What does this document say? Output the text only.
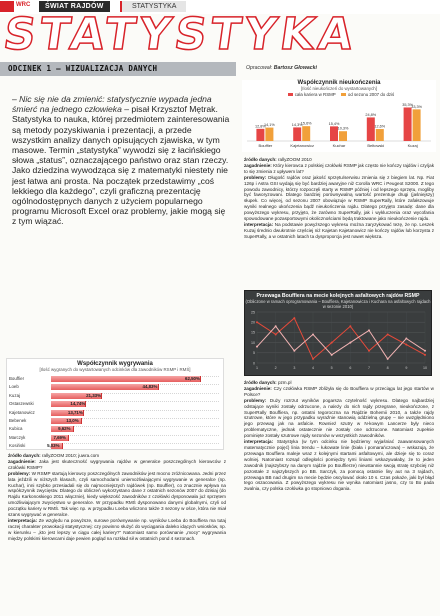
WRC	ŚWIAT RAJDÓW	STATYSTYKA
STATYSTYKA
ODCINEK 1 – WIZUALIZACJA DANYCH	Opracował: Bartosz Głowacki
– Nic się nie da zmienić: statystycznie wypada jedna śmierć na jednego człowieka – pisał Krzysztof Mętrak. Statystyka to nauka, której przedmiotem zainteresowania są metody pozyskiwania i prezentacji, a przede wszystkim analizy danych opisujących zjawiska, w tym masowe. Termin „statystyka” wywodzi się z łacińskiego słowa „status”, oznaczającego państwo oraz stan rzeczy. Jako dziedzina wywodząca się z matematyki niestety nie jest łatwa ani prosta. Na początek przedstawimy „coś lekkiego dla każdego”, czyli graficzną prezentację ogólnodostępnych danych z użyciem popularnego programu Microsoft Excel oraz problemy, jakie mogą się z tym wiązać.
Współczynnik nieukończenia
[Ilość nieukończeń do wystartowanych]
cała kariera w RSMP	od sezonu 2007 do dziś
12,8%
14,1%
Bouffier
14,3%
15,6%
Kajetanowicz
15,4%
10,3%
Kuchar
24,8%
12,6%
Bełtowski
35,3%
33,3%
Kuzaj
źródło danych: rallyZOOM 2010
zagadnienie: Który kierowca z polskiej czołówki RSMP jak często nie kończy rajdów i czy/jak to się zmienia z upływem lat?
problemy: Długość rajdów oraz jakość sprzętu/serwisu zmienia się z biegiem lat. Np. Fiat 126p i Astra GSI wydają się być bardziej awaryjne niż Corolla WRC i Peugeot S2000. Z tego powodu zawodnicy, którzy rozpoczęli starty w RSMP później i od lepszego sprzętu, mogliby być faworyzowani. Dlatego bardziej porównywalną wartość prezentuje drugi (jaśniejszy) słupek. Co więcej, od sezonu 2007 obowiązuje w RSMP SuperRally, które zafałszowuje wyniki realnego ukończenia bądź nieukończenia rajdu. Dlatego przyjęto zasadę: dane dla powyższego wykresu, przyjęto, że zarówno SuperRally, jak i wykluczenia oraz wycofania spowodowane pozasportowymi okolicznościami będą traktowane jako nieukończenie rajdu.
interpretacja: Na podstawie powyższego wykresu można zaryzykować tezę, że np. Leszek Kuzaj średnio dwukrotnie częściej niż Kajetan Kajetanowicz nie kończy rajdów lub korzysta z SuperRally, a w ostatnich latach ta dysproporcja jest nawet większa.
Przewaga Bouffiera na mecie kolejnych asfaltowych rajdów RSMP
(Obliczone w ramach oprogramowania – Bouffiera, Kajetanowicza i Kuchara na asfaltowych rajdach w sezonie 2010)
25
20
15
10
5
0
1	2	3	4	5	6	7	8	9	10
Współczynnik wygrywania
[Ilość wygranych do wystartowanych odcinków dla zawodników RSMP i RMŚ]
Bouffier	62,50%
Loeb	44,83%
Kuzaj	21,33%
Ostaszewski	14,74%
Kajetanowicz	13,71%
Bebenek	13,0%
Kubica	9,62%
Marczyk	7,69%
Kosiński	5,03%
źródło danych: rallyZOOM 2010; juwra.com
zagadnienie: Jaka jest skuteczność wygrywania rajdów w generalce poszczególnych kierowców z czołówki RSMP?
problemy: W RSMP startują kierowcy poszczególnych zawodników jest mocno zróżnicowana. Jedni przez lata jeździli w niższych klasach, czyli samochodami uniemożliwiającymi wygrywanie w generalce (np. Kuchar), inni szybko przesiadali się do najmocniejszych rajdówek (np. Bouffier), co znacznie wpływa na współczynnik zwycięstw. Dlatego do obliczeń wykorzystano dane z ostatnich sezonów 2007 do dzisiaj (do Rajdu Karkonoskiego 2011 włącznie), kiedy większość zawodników z czołówki dysponowała już sprzętem umożliwiającym zwycięstwo w generalce. W przypadku RMŚ dysponowano danymi globalnymi, czyli od początku kariery w RMŚ. Tak więc np. w przypadku Loeba wliczono także 3 sezony w ośce, która nie miał szans wygrywać w generalce.
interpretacja: Ze względu na powyższe, surowe porównywanie np. wyników Loeba do Bouffiera ma tutaj raczej charakter prowokacji statystycznej: czy powinno służyć do wyciągania daleko idących wniosków, np. w kierunku – „kto jest lepszy w ciągu całej kariery?” Natomiast samo porównanie „mocy” wygrywania między polskimi kierowcami daje pewien pogląd na rozkład sił w ostatnich pond 4 sezonach.
źródło danych: pzm.pl
zagadnienie: Czy czołówka RSMP zbliżyła się do Bouffiera w przeciągu lat jego startów w Polsce?
problemy: Duży rozrzut wyników pogarsza czytelność wykresu. Dlatego najbardziej odstające wyniki zostały odrzucone, a należy do nich rajdy przegrane, nieukończone, z SuperRally Bouffiera, np. ostatni tegoroczna na Rajdzie Bohemii 2010, a także rajdy szutrowe, które w jego przypadku wyraźnie stanowią oddzielną grupę – nie uwzględniono jego przewag jak na asfalcie. Rownież szutry w N-kowym Lancerze były nieco problematyczne, jednak ostatecznie nie zostały one odrzucone. Natomiast zupełnie pominięte zostały szutrowe rajdy sezonów w wszystkich zawodników.
interpretacja: Statystyka (w tym odcinku nie będziemy wyjaśniać zaawansowanych matematycznie pojęć) linia trendu – łukowate linie (biała i pomarańczowa) – wskazują, że przewaga Bouffiera maleje wraz z kolejnymi startami asfaltowymi, ale dzieje się to coraz wolniej. Natomiast rozsąd odległości pomiędzy tymi liniami wskazywałaby, że to jeden zawodnik (najszybszy na danym rajdzie po Bouffierze) nieustannie swoją stratę szybciej niż pozostałe 2 najszybszych po BB. Sarczyk, za pomocą ostatnie liny aut na 3 rajdach, przewaga BB nad drugim na mecie będzie oscylować około 10 s. Czas pokaże, jaki był błąd tego oszacowania. Z powyższego wykresu nie wynika natomiast jasno, czy to Bo pada zwalnia, czy polska czołówka go stopniowo dogania.
